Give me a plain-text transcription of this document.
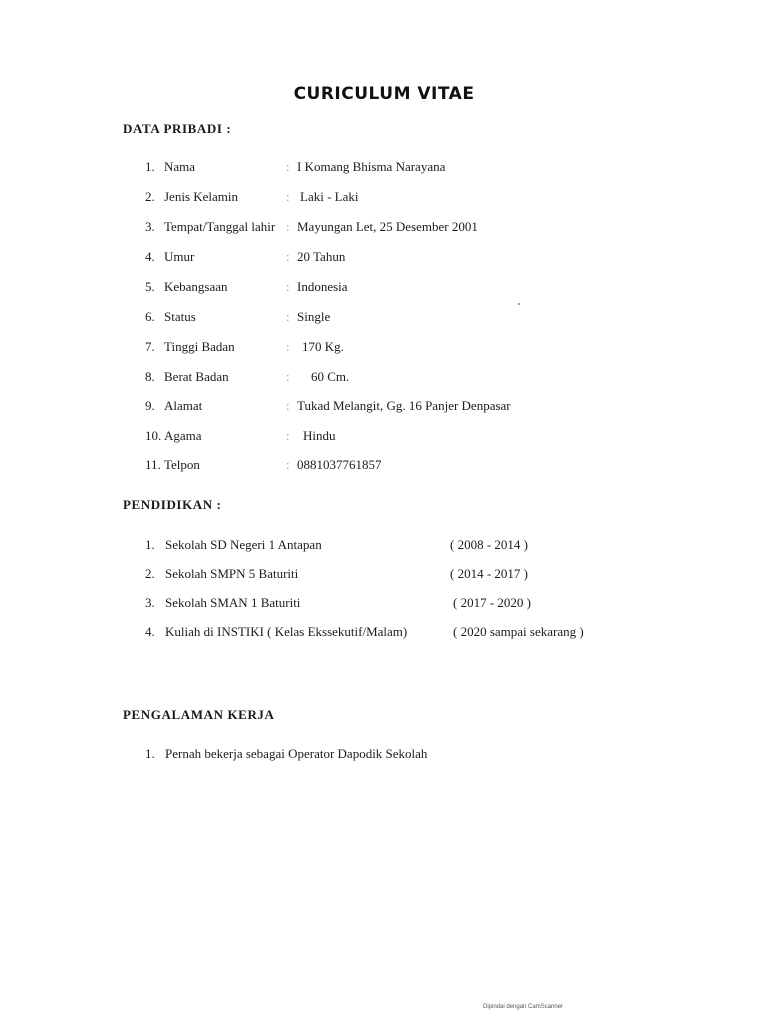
CURICULUM VITAE
DATA PRIBADI :
1. Nama	: I Komang Bhisma Narayana
2. Jenis Kelamin	: Laki - Laki
3. Tempat/Tanggal lahir : Mayungan Let, 25 Desember 2001
4. Umur	: 20 Tahun
5. Kebangsaan	: Indonesia
6. Status	: Single
7. Tinggi Badan	: 170 Kg.
8. Berat Badan	: 60 Cm.
9. Alamat	: Tukad Melangit, Gg. 16 Panjer Denpasar
10. Agama	: Hindu
11. Telpon	: 0881037761857
PENDIDIKAN :
1. Sekolah SD Negeri 1 Antapan	( 2008 - 2014 )
2. Sekolah SMPN 5 Baturiti	( 2014 - 2017 )
3. Sekolah SMAN 1 Baturiti	( 2017 - 2020 )
4. Kuliah di INSTIKI ( Kelas Ekssekutif/Malam)	( 2020 sampai sekarang )
PENGALAMAN KERJA
1. Pernah bekerja sebagai Operator Dapodik Sekolah
Dipindai dengan CamScanner
